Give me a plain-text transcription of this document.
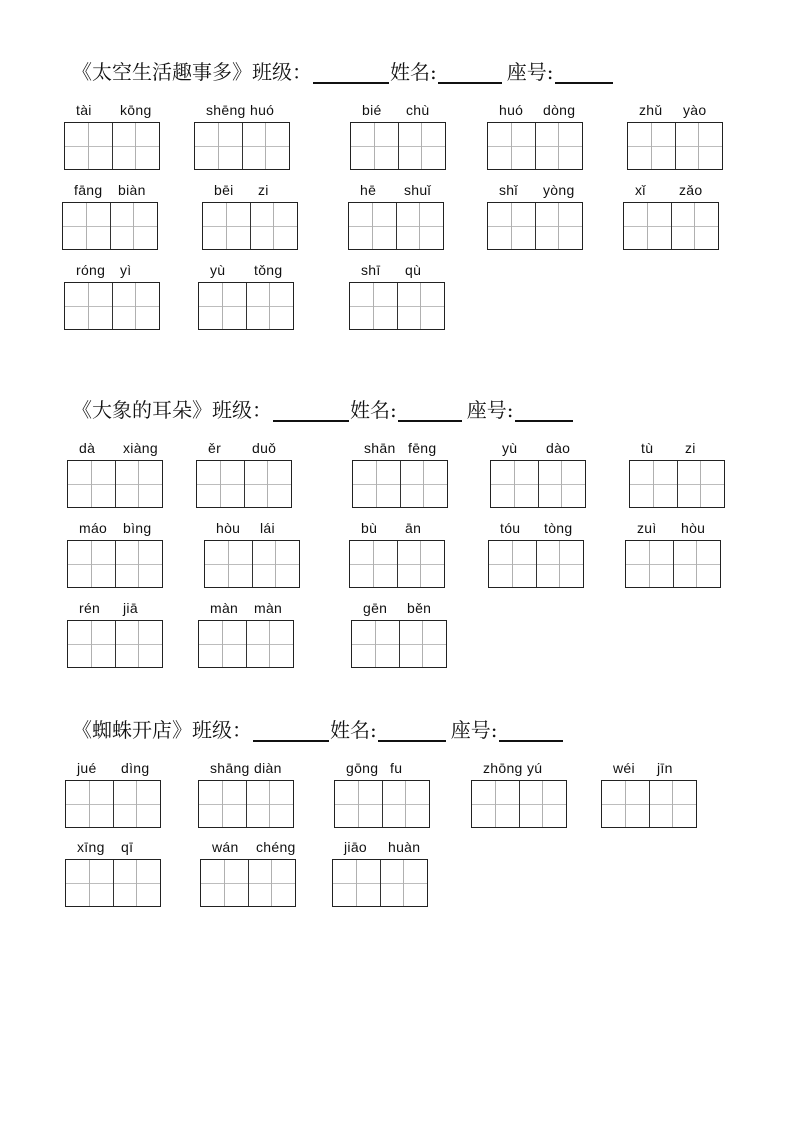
《太空生活趣事多》班级：	姓名:	座号:
tài kōng	shēng huó	bié chù	huó dòng	zhǔ yào
fāng biàn	bēi zi	hē shuǐ	shǐ yòng	xǐ zǎo
róng yì	yù tǒng	shī qù
《大象的耳朵》班级：	姓名:	座号:
dà xiàng	ěr duǒ	shān fēng	yù dào	tù zi
máo bìng	hòu lái	bù ān	tóu tòng	zuì hòu
rén jiā	màn màn	gēn běn
《蜘蛛开店》班级：	姓名:	座号:
jué dìng	shāng diàn	gōng fu	zhōng yú	wéi jīn
xīng qī	wán chéng	jiāo huàn
